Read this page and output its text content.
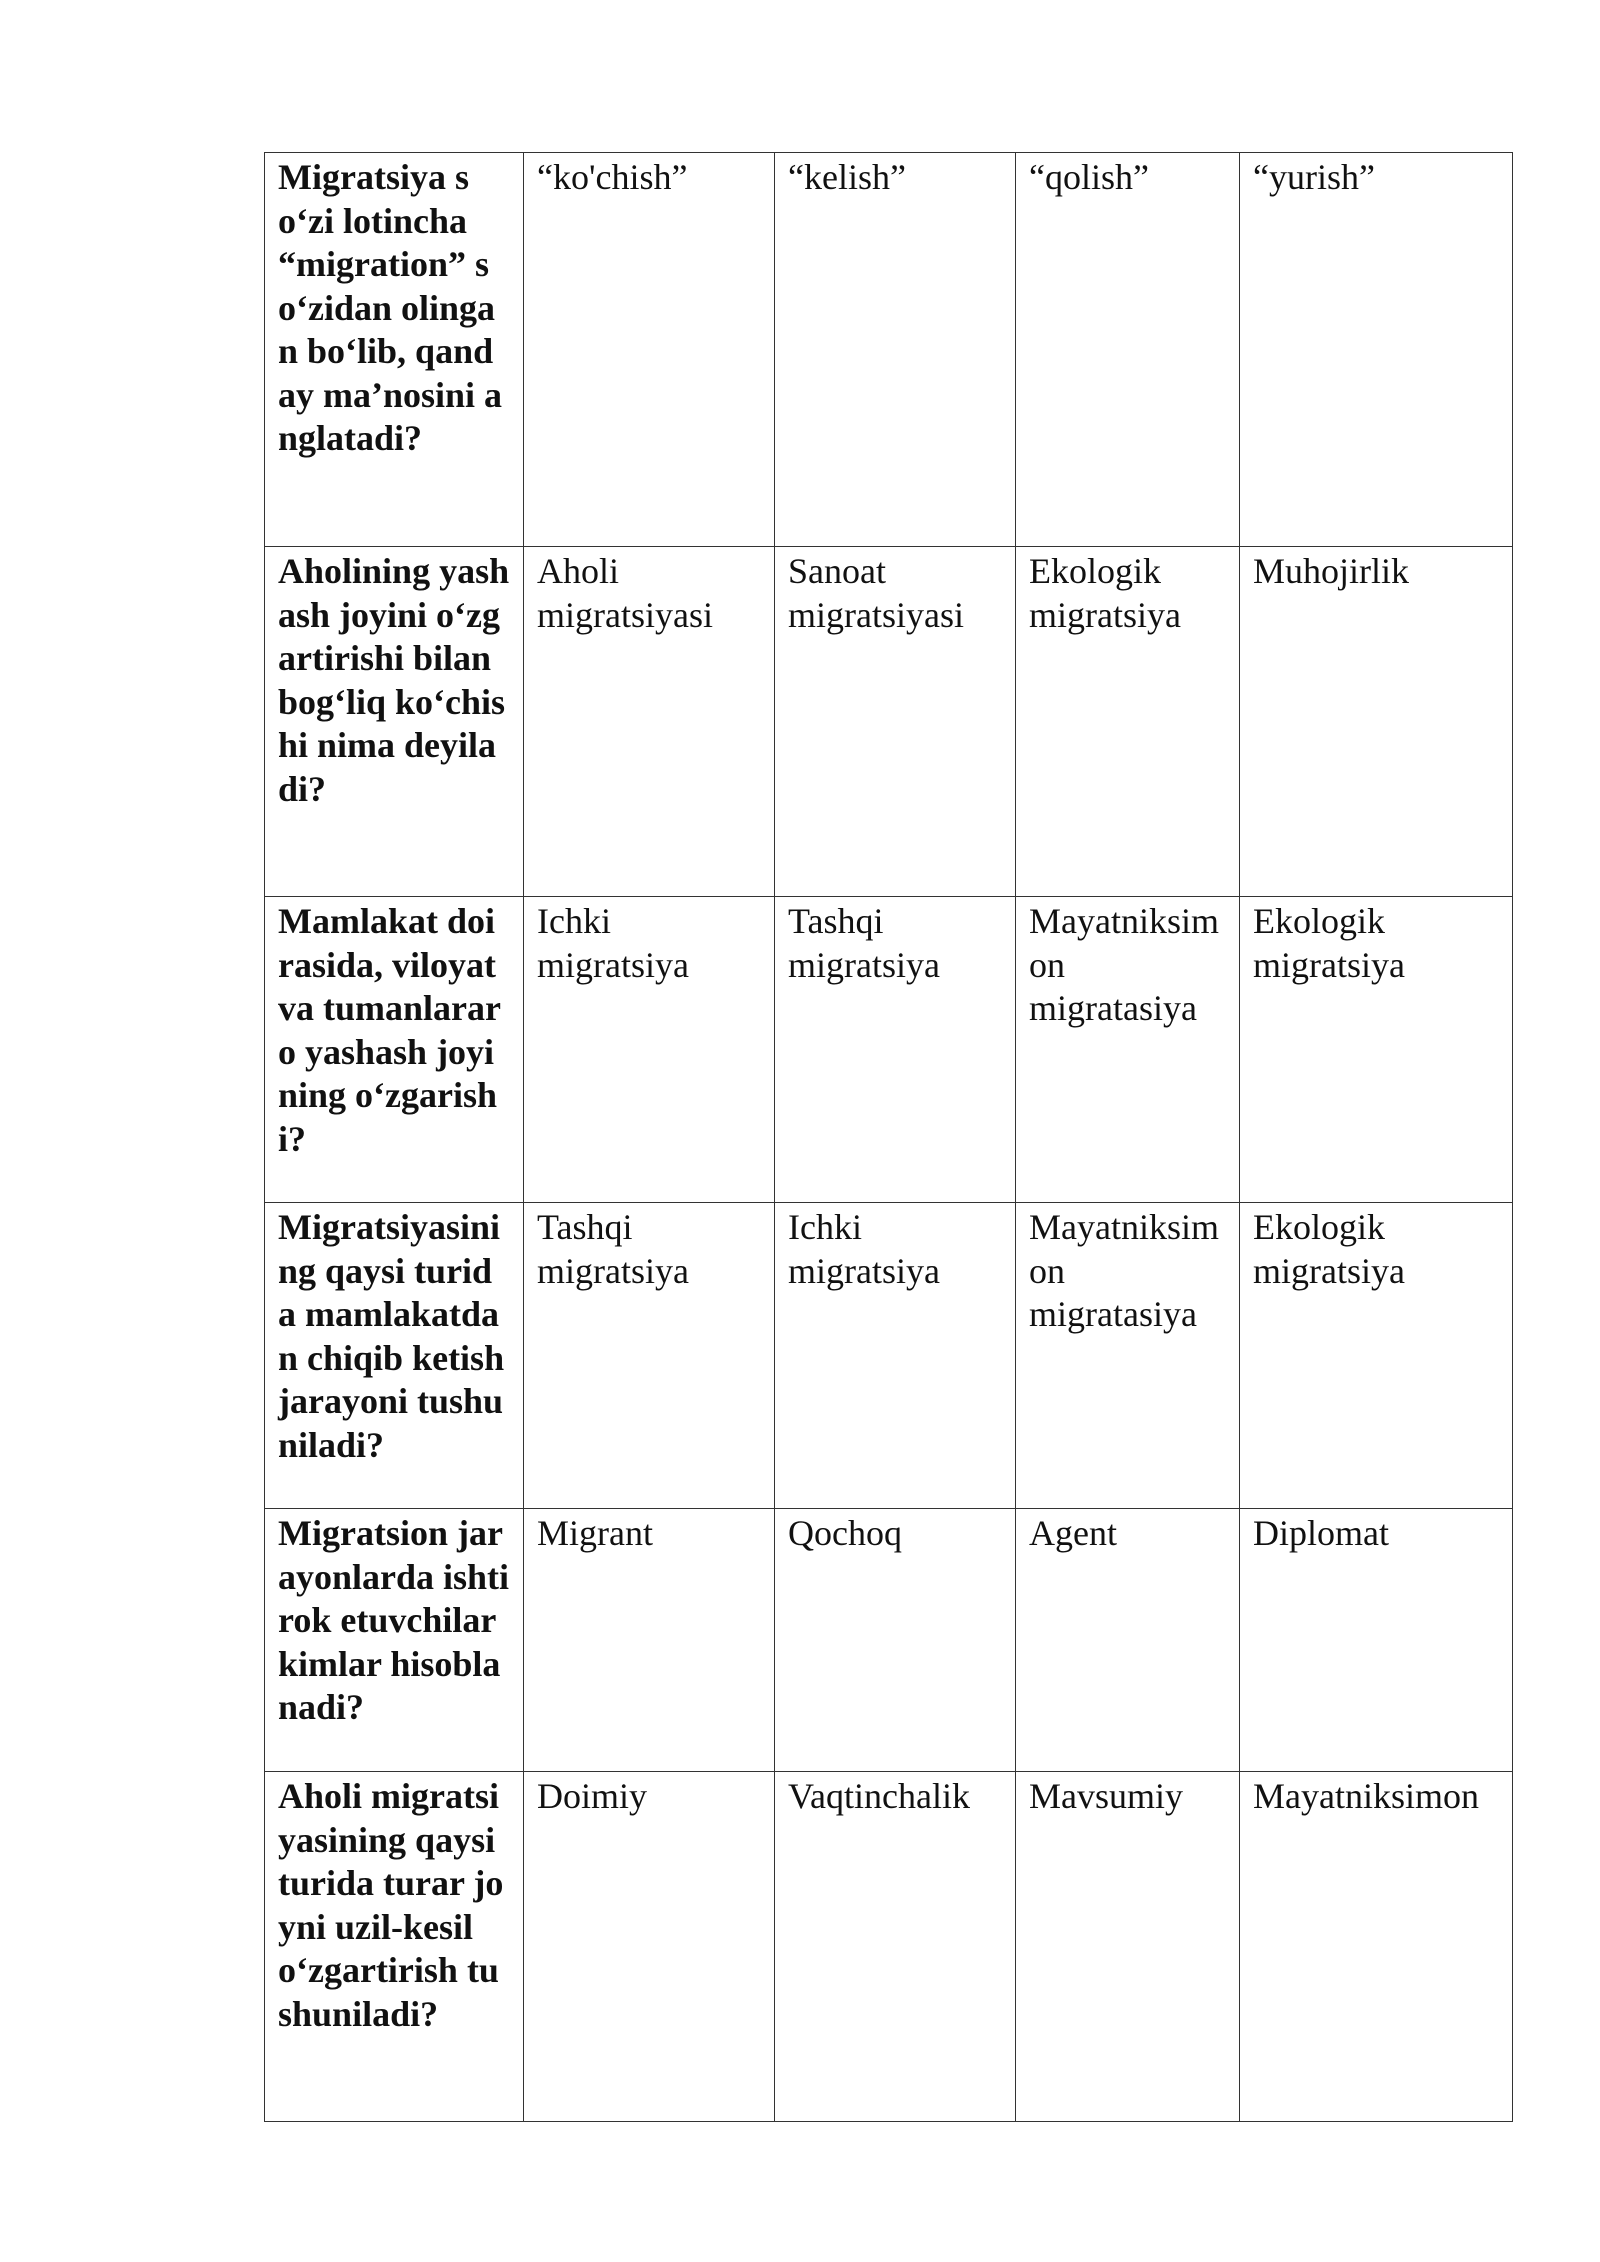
Migratsiya so‘zi lotincha “migration” so‘zidan olingan bo‘lib, qanday ma’nosini anglatadi?	“ko'chish”	“kelish”	“qolish”	“yurish”
Aholining yashash joyini o‘zgartirishi bilan bog‘liq ko‘chishi nima deyiladi?	Aholi migratsiyasi	Sanoat migratsiyasi	Ekologik migratsiya	Muhojirlik
Mamlakat doirasida, viloyat va tumanlararo yashash joyining o‘zgarishi?	Ichki migratsiya	Tashqi migratsiya	Mayatniksimon migratasiya	Ekologik migratsiya
Migratsiyasining qaysi turida mamlakatdan chiqib ketish jarayoni tushuniladi?	Tashqi migratsiya	Ichki migratsiya	Mayatniksimon migratasiya	Ekologik migratsiya
Migratsion jarayonlarda ishtirok etuvchilar kimlar hisoblanadi?	Migrant	Qochoq	Agent	Diplomat
Aholi migratsiyasining qaysi turida turar joyni uzil-kesil o‘zgartirish tushuniladi?	Doimiy	Vaqtinchalik	Mavsumiy	Mayatniksimon
